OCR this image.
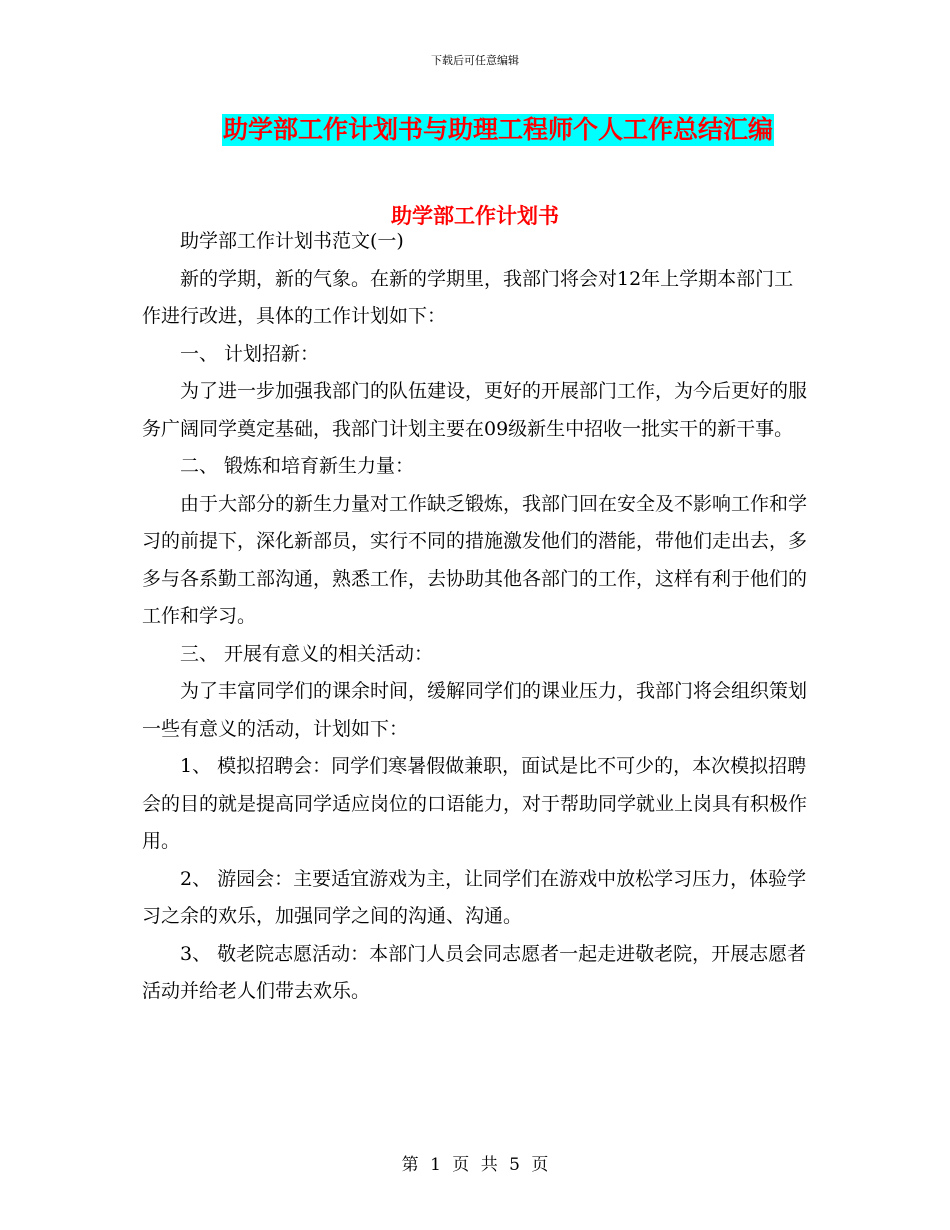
下载后可任意编辑
助学部工作计划书与助理工程师个人工作总结汇编
助学部工作计划书

助学部工作计划书范文(一)

新的学期，新的气象。在新的学期里，我部门将会对12年上学期本部门工作进行改进，具体的工作计划如下：

一、 计划招新：

为了进一步加强我部门的队伍建设，更好的开展部门工作，为今后更好的服务广阔同学奠定基础，我部门计划主要在09级新生中招收一批实干的新干事。

二、 锻炼和培育新生力量：

由于大部分的新生力量对工作缺乏锻炼，我部门回在安全及不影响工作和学习的前提下，深化新部员，实行不同的措施激发他们的潜能，带他们走出去，多多与各系勤工部沟通，熟悉工作，去协助其他各部门的工作，这样有利于他们的工作和学习。

三、 开展有意义的相关活动：

为了丰富同学们的课余时间，缓解同学们的课业压力，我部门将会组织策划一些有意义的活动，计划如下：

1、 模拟招聘会：同学们寒暑假做兼职，面试是比不可少的，本次模拟招聘会的目的就是提高同学适应岗位的口语能力，对于帮助同学就业上岗具有积极作用。

2、 游园会：主要适宜游戏为主，让同学们在游戏中放松学习压力，体验学习之余的欢乐，加强同学之间的沟通、沟通。

3、 敬老院志愿活动：本部门人员会同志愿者一起走进敬老院，开展志愿者活动并给老人们带去欢乐。

第 1 页 共 5 页
